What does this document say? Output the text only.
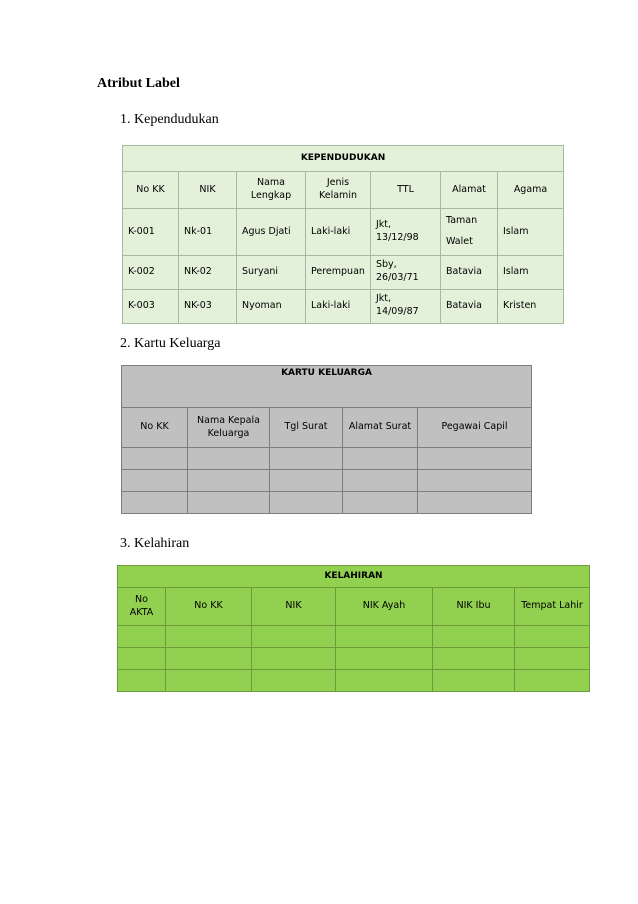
Atribut Label
1. Kependudukan
KEPENDUDUKAN						
No KK	NIK	Nama Lengkap	Jenis Kelamin	TTL	Alamat	Agama
K-001	Nk-01	Agus Djati	Laki-laki	Jkt, 13/12/98	Taman Walet	Islam
K-002	NK-02	Suryani	Perempuan	Sby, 26/03/71	Batavia	Islam
K-003	NK-03	Nyoman	Laki-laki	Jkt, 14/09/87	Batavia	Kristen
2. Kartu Keluarga
KARTU KELUARGA				
No KK	Nama Kepala Keluarga	Tgl Surat	Alamat Surat	Pegawai Capil

3. Kelahiran
KELAHIRAN					
No AKTA	No KK	NIK	NIK Ayah	NIK Ibu	Tempat Lahir
